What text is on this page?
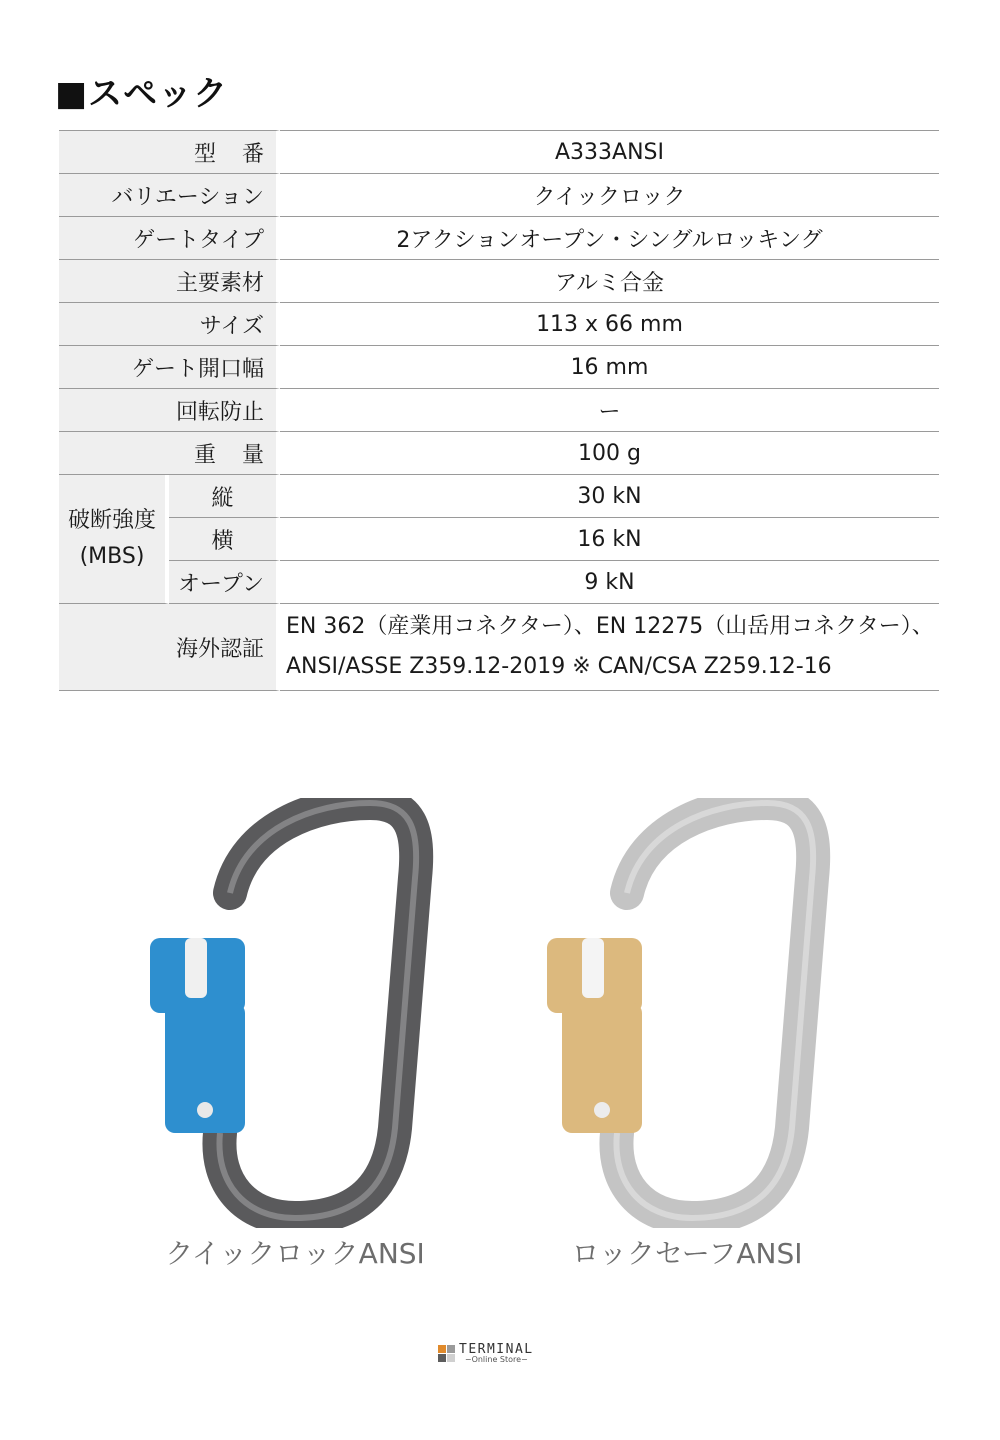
■スペック
型番		A333ANSI
バリエーション		クイックロック
ゲートタイプ		2アクションオープン・シングルロッキング
主要素材		アルミ合金
サイズ		113 x 66 mm
ゲート開口幅		16 mm
回転防止		ー
重量		100 g

破断強度
(MBS)	縦	30 kN
	横	16 kN
	オープン	9 kN
海外認証		EN 362（産業用コネクター）、EN 12275（山岳用コネクター）、
ANSI/ASSE Z359.12-2019 ※ CAN/CSA Z259.12-16
クイックロックANSI	ロックセーフANSI
TERMINAL
−Online Store−
